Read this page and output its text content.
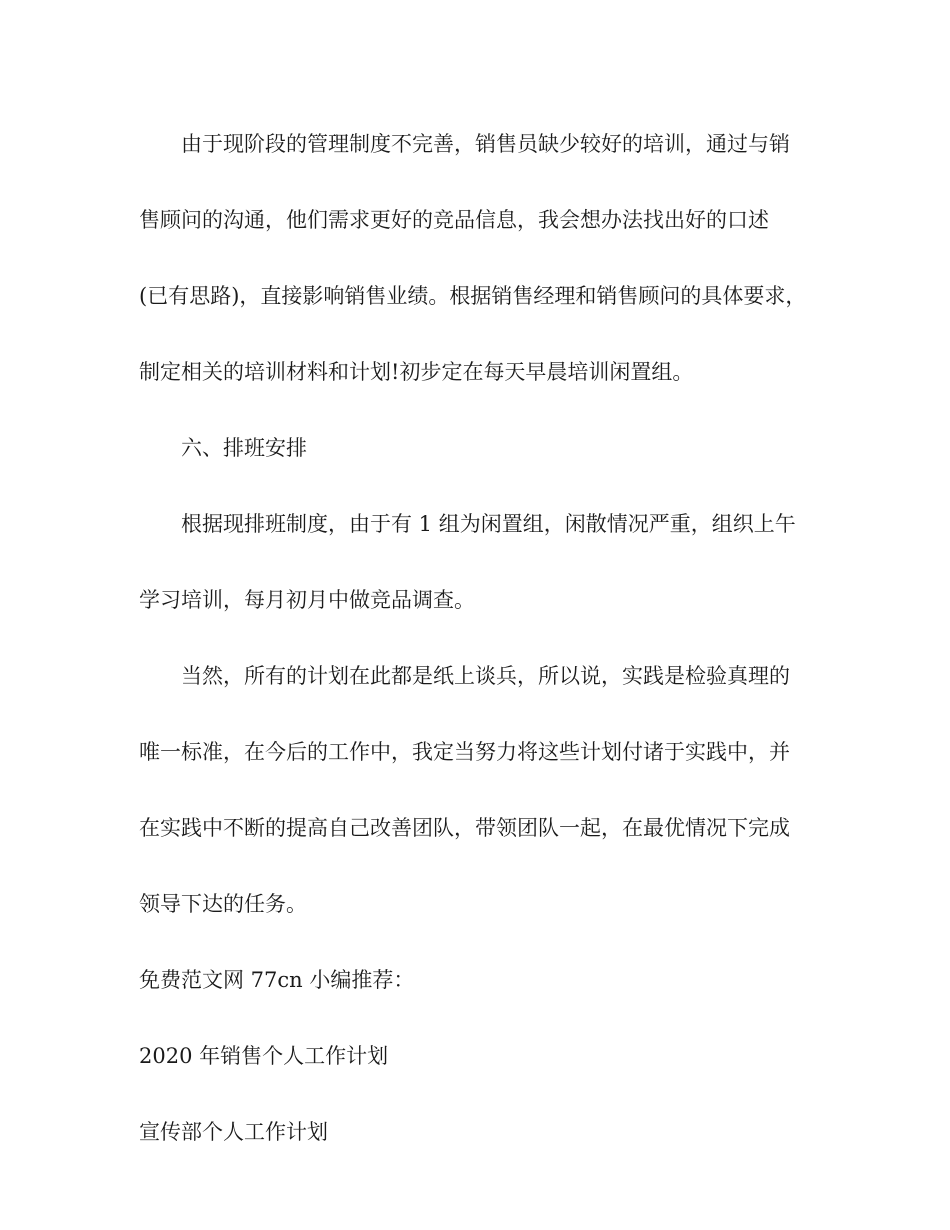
由于现阶段的管理制度不完善，销售员缺少较好的培训，通过与销
售顾问的沟通，他们需求更好的竞品信息，我会想办法找出好的口述
(已有思路)，直接影响销售业绩。根据销售经理和销售顾问的具体要求，
制定相关的培训材料和计划!初步定在每天早晨培训闲置组。
六、排班安排
根据现排班制度，由于有 1 组为闲置组，闲散情况严重，组织上午
学习培训，每月初月中做竞品调查。
当然，所有的计划在此都是纸上谈兵，所以说，实践是检验真理的
唯一标准，在今后的工作中，我定当努力将这些计划付诸于实践中，并
在实践中不断的提高自己改善团队，带领团队一起，在最优情况下完成
领导下达的任务。
免费范文网 77cn 小编推荐：
2020 年销售个人工作计划
宣传部个人工作计划
